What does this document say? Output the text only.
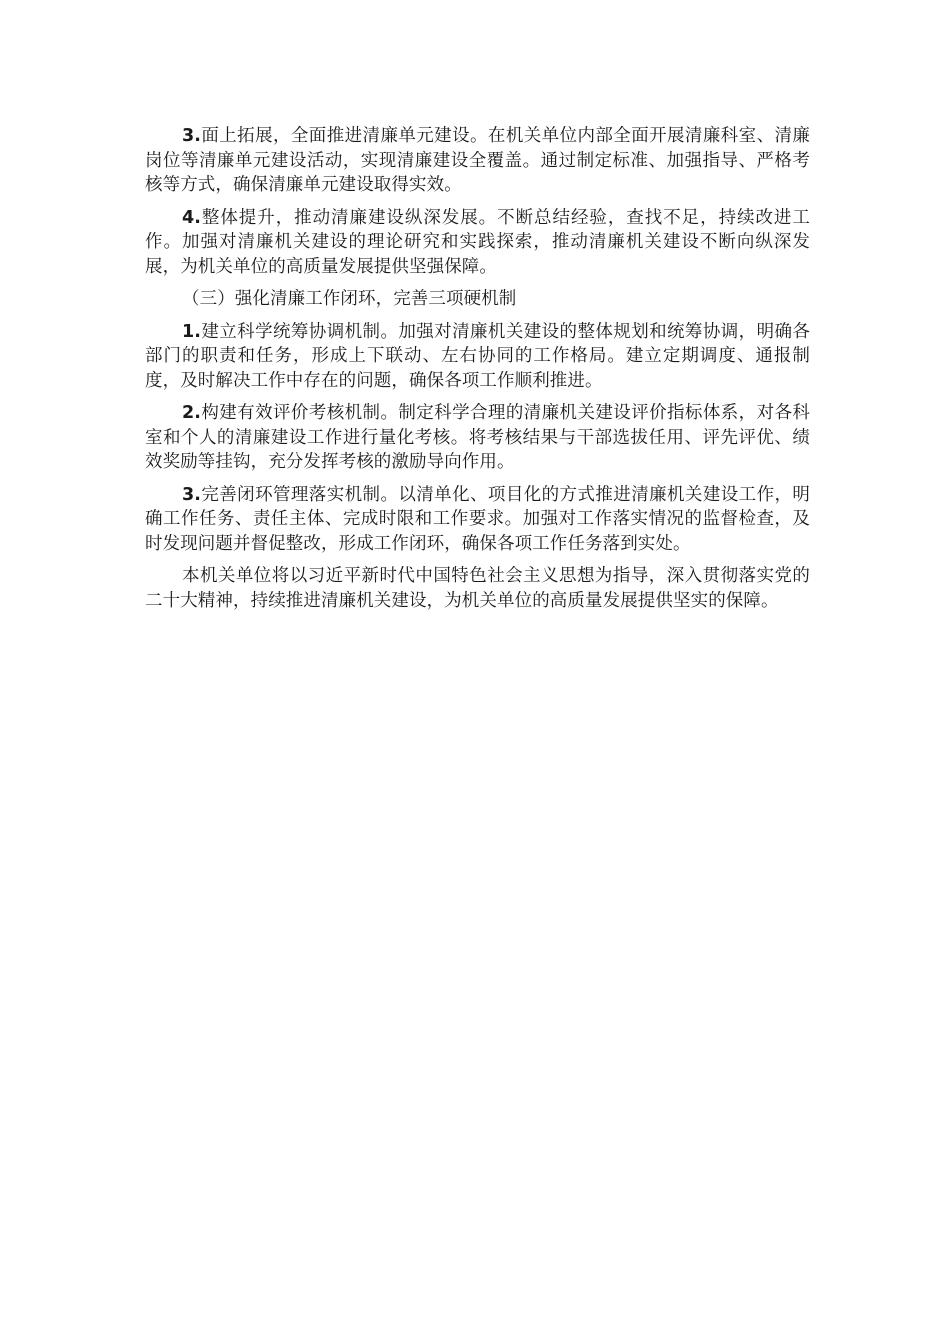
3.面上拓展，全面推进清廉单元建设。在机关单位内部全面开展清廉科室、清廉岗位等清廉单元建设活动，实现清廉建设全覆盖。通过制定标准、加强指导、严格考核等方式，确保清廉单元建设取得实效。

4.整体提升，推动清廉建设纵深发展。不断总结经验，查找不足，持续改进工作。加强对清廉机关建设的理论研究和实践探索，推动清廉机关建设不断向纵深发展，为机关单位的高质量发展提供坚强保障。

（三）强化清廉工作闭环，完善三项硬机制

1.建立科学统筹协调机制。加强对清廉机关建设的整体规划和统筹协调，明确各部门的职责和任务，形成上下联动、左右协同的工作格局。建立定期调度、通报制度，及时解决工作中存在的问题，确保各项工作顺利推进。

2.构建有效评价考核机制。制定科学合理的清廉机关建设评价指标体系，对各科室和个人的清廉建设工作进行量化考核。将考核结果与干部选拔任用、评先评优、绩效奖励等挂钩，充分发挥考核的激励导向作用。

3.完善闭环管理落实机制。以清单化、项目化的方式推进清廉机关建设工作，明确工作任务、责任主体、完成时限和工作要求。加强对工作落实情况的监督检查，及时发现问题并督促整改，形成工作闭环，确保各项工作任务落到实处。

本机关单位将以习近平新时代中国特色社会主义思想为指导，深入贯彻落实党的二十大精神，持续推进清廉机关建设，为机关单位的高质量发展提供坚实的保障。
